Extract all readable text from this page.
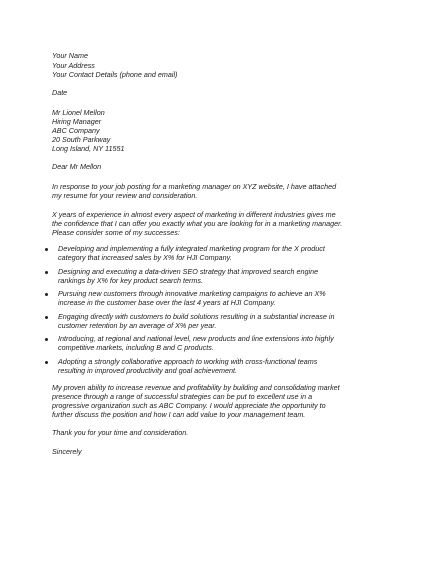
Your Name
Your Address
Your Contact Details (phone and email)
Date
Mr Lionel Mellon
Hiring Manager
ABC Company
20 South Parkway
Long Island, NY 11551
Dear Mr Mellon
In response to your job posting for a marketing manager on XYZ website, I have attached
my resume for your review and consideration.
X years of experience in almost every aspect of marketing in different industries gives me
the confidence that I can offer you exactly what you are looking for in a marketing manager.
Please consider some of my successes:
Developing and implementing a fully integrated marketing program for the X product
category that increased sales by X% for HJI Company.
Designing and executing a data-driven SEO strategy that improved search engine
rankings by X% for key product search terms.
Pursuing new customers through innovative marketing campaigns to achieve an X%
increase in the customer base over the last 4 years at HJI Company.
Engaging directly with customers to build solutions resulting in a substantial increase in
customer retention by an average of X% per year.
Introducing, at regional and national level, new products and line extensions into highly
competitive markets, including B and C products.
Adopting a strongly collaborative approach to working with cross-functional teams
resulting in improved productivity and goal achievement.
My proven ability to increase revenue and profitability by building and consolidating market
presence through a range of successful strategies can be put to excellent use in a
progressive organization such as ABC Company. I would appreciate the opportunity to
further discuss the position and how I can add value to your management team.
Thank you for your time and consideration.
Sincerely
